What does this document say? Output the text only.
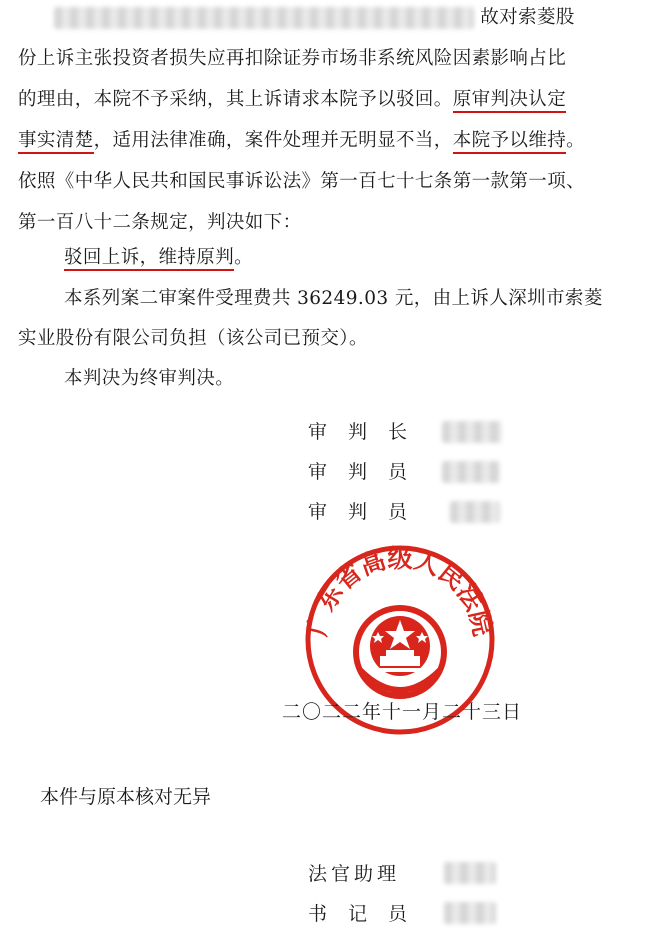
故对索菱股
份上诉主张投资者损失应再扣除证券市场非系统风险因素影响占比
的理由，本院不予采纳，其上诉请求本院予以驳回。原审判决认定
事实清楚，适用法律准确，案件处理并无明显不当，本院予以维持。
依照《中华人民共和国民事诉讼法》第一百七十七条第一款第一项、
第一百八十二条规定，判决如下：
驳回上诉，维持原判。
本系列案二审案件受理费共 36249.03 元，由上诉人深圳市索菱
实业股份有限公司负担（该公司已预交）。
本判决为终审判决。
审 判 长
审 判 员
审 判 员
广东省高级人民法院
二〇二二年十一月二十三日
本件与原本核对无异
法官助理
书 记 员
